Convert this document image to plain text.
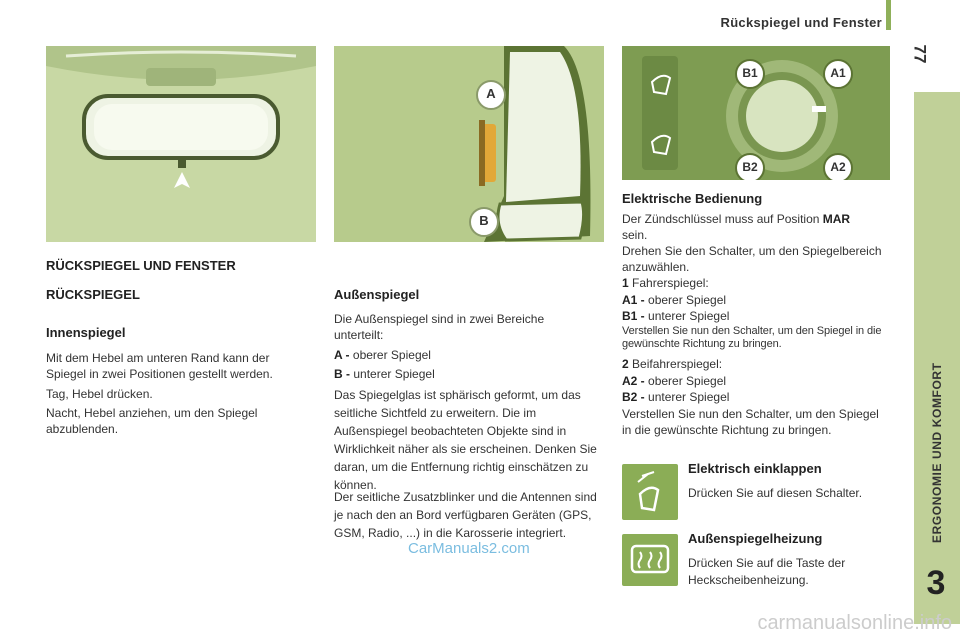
Rückspiegel und Fenster
77
ERGONOMIE UND KOMFORT
3
A
B
B1	A1
B2	A2
RÜCKSPIEGEL UND FENSTER
RÜCKSPIEGEL
Innenspiegel
Mit dem Hebel am unteren Rand kann der Spiegel in zwei Positionen gestellt werden.
Tag, Hebel drücken.
Nacht, Hebel anziehen, um den Spiegel abzublenden.
Außenspiegel
Die Außenspiegel sind in zwei Bereiche unterteilt:
A - oberer Spiegel
B - unterer Spiegel
Das Spiegelglas ist sphärisch geformt, um das seitliche Sichtfeld zu erweitern. Die im Außenspiegel beobachteten Objekte sind in Wirklichkeit näher als sie erscheinen. Denken Sie daran, um die Entfernung richtig einschätzen zu können.
Der seitliche Zusatzblinker und die Antennen sind je nach den an Bord verfügbaren Geräten (GPS, GSM, Radio, ...) in die Karosserie integriert.
Elektrische Bedienung
Der Zündschlüssel muss auf Position MAR
sein.
Drehen Sie den Schalter, um den Spiegelbereich anzuwählen.
1 Fahrerspiegel:
A1 - oberer Spiegel
B1 - unterer Spiegel
Verstellen Sie nun den Schalter, um den Spiegel in die gewünschte Richtung zu bringen.
2 Beifahrerspiegel:
A2 - oberer Spiegel
B2 - unterer Spiegel
Verstellen Sie nun den Schalter, um den Spiegel in die gewünschte Richtung zu bringen.
Elektrisch einklappen
Drücken Sie auf diesen Schalter.
Außenspiegelheizung
Drücken Sie auf die Taste der Heckscheibenheizung.
CarManuals2.com
carmanualsonline.info
